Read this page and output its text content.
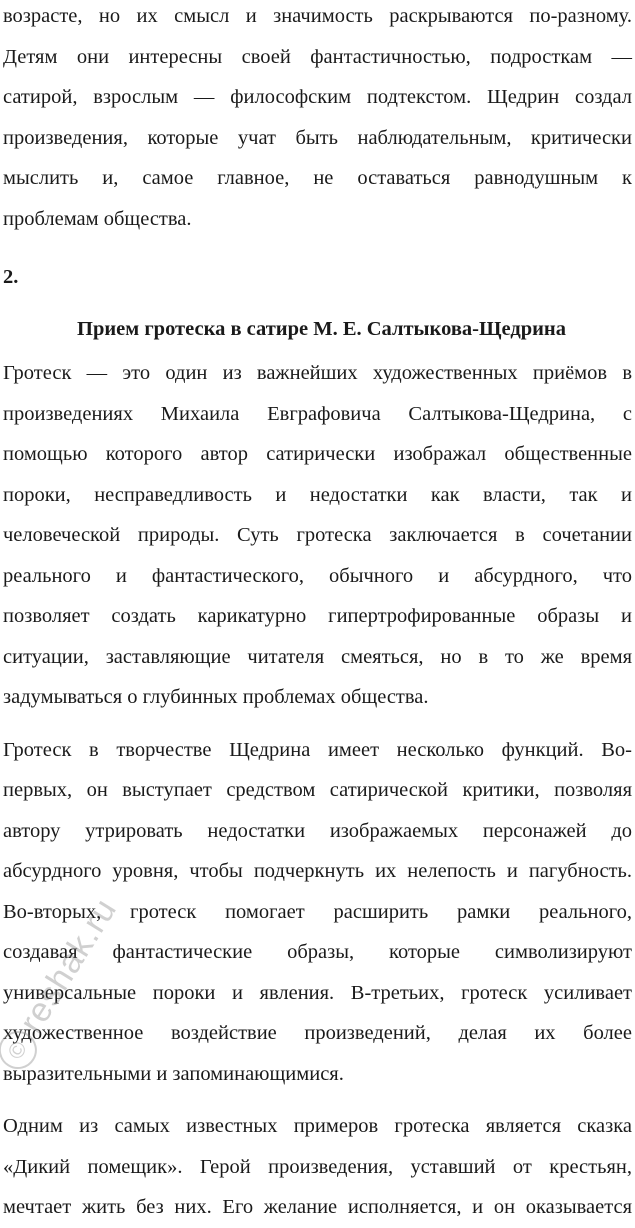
возрасте, но их смысл и значимость раскрываются по-разному.
Детям они интересны своей фантастичностью, подросткам —
сатирой, взрослым — философским подтекстом. Щедрин создал
произведения, которые учат быть наблюдательным, критически
мыслить и, самое главное, не оставаться равнодушным к
проблемам общества.
2.
Прием гротеска в сатире М. Е. Салтыкова-Щедрина
Гротеск — это один из важнейших художественных приёмов в
произведениях Михаила Евграфовича Салтыкова-Щедрина, с
помощью которого автор сатирически изображал общественные
пороки, несправедливость и недостатки как власти, так и
человеческой природы. Суть гротеска заключается в сочетании
реального и фантастического, обычного и абсурдного, что
позволяет создать карикатурно гипертрофированные образы и
ситуации, заставляющие читателя смеяться, но в то же время
задумываться о глубинных проблемах общества.
Гротеск в творчестве Щедрина имеет несколько функций. Во-
первых, он выступает средством сатирической критики, позволяя
автору утрировать недостатки изображаемых персонажей до
абсурдного уровня, чтобы подчеркнуть их нелепость и пагубность.
Во-вторых, гротеск помогает расширить рамки реального,
создавая фантастические образы, которые символизируют
универсальные пороки и явления. В-третьих, гротеск усиливает
художественное воздействие произведений, делая их более
выразительными и запоминающимися.
Одним из самых известных примеров гротеска является сказка
«Дикий помещик». Герой произведения, уставший от крестьян,
мечтает жить без них. Его желание исполняется, и он оказывается
©reshak.ru
